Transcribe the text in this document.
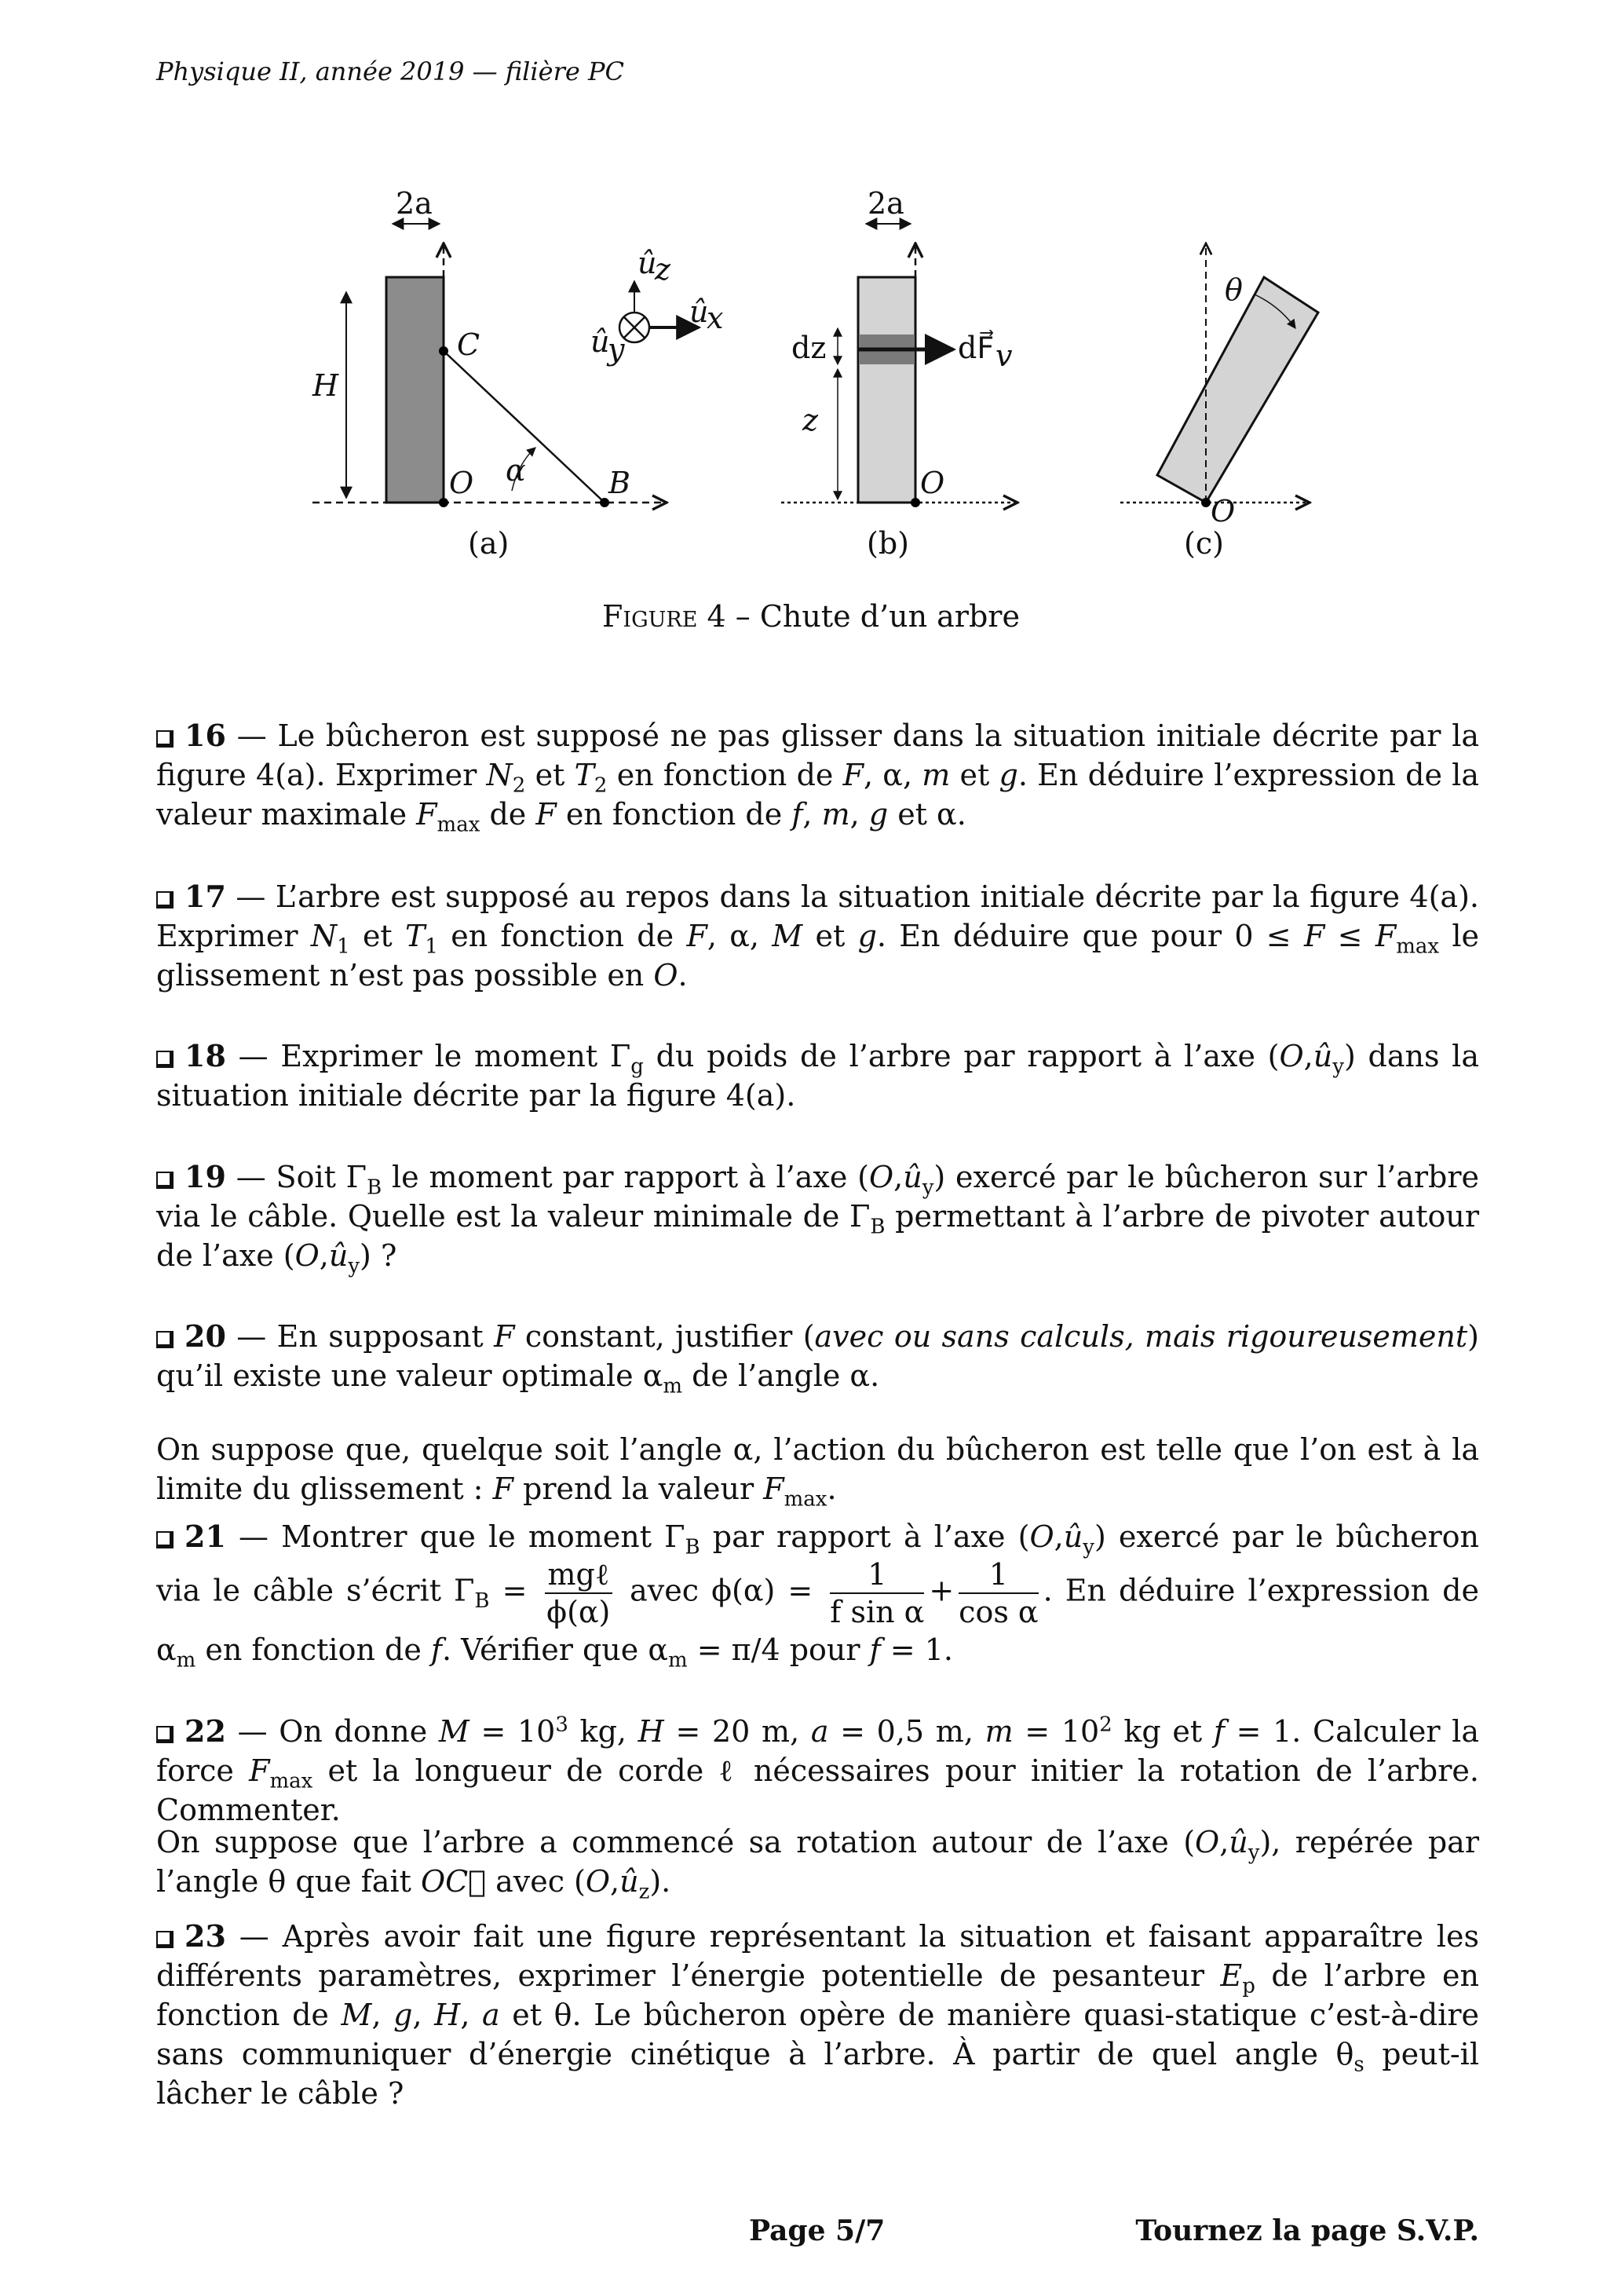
Physique II, année 2019 — filière PC
2a
H
C
O α	B
û
z
û
x
û
y
(a)
2a
dz
z
dF⃗ v
O
(b)
θ
O
(c)
Figure 4 – Chute d’un arbre
16 — Le bûcheron est supposé ne pas glisser dans la situation initiale décrite par la figure 4(a). Exprimer $N_2$ et $T_2$ en fonction de F, α, m et g. En déduire l’expression de la valeur maximale $F_{max}$ de F en fonction de f, m, g et α.
17 — L’arbre est supposé au repos dans la situation initiale décrite par la figure 4(a). Exprimer $N_1$ et $T_1$ en fonction de F, α, M et g. En déduire que pour $0 \le F \le F_{max}$ le glissement n’est pas possible en O.
18 — Exprimer le moment $\Gamma_g$ du poids de l’arbre par rapport à l’axe $(O,û_y)$ dans la situation initiale décrite par la figure 4(a).
19 — Soit $\Gamma_B$ le moment par rapport à l’axe $(O,û_y)$ exercé par le bûcheron sur l’arbre via le câble. Quelle est la valeur minimale de $\Gamma_B$ permettant à l’arbre de pivoter autour de l’axe $(O,û_y)$ ?
20 — En supposant F constant, justifier (avec ou sans calculs, mais rigoureusement) qu’il existe une valeur optimale $\alpha_m$ de l’angle α.
On suppose que, quelque soit l’angle α, l’action du bûcheron est telle que l’on est à la limite du glissement : F prend la valeur $F_{max}$.
21 — Montrer que le moment $\Gamma_B$ par rapport à l’axe $(O,û_y)$ exercé par le bûcheron via le câble s’écrit $\Gamma_B = \frac{\text{mgℓ}}{\phi(\alpha)}$ avec $\phi(\alpha) = \frac{1}{\text{f sin α}} + \frac{1}{\text{cos α}}$ . En déduire l’expression de $\alpha_m$ en fonction de f. Vérifier que $\alpha_m = \pi/4$ pour f = 1.
22 — On donne $M = 10^3$ kg, H = 20 m, a = 0,5 m, $m = 10^2$ kg et f = 1. Calculer la force $F_{max}$ et la longueur de corde ℓ nécessaires pour initier la rotation de l’arbre. Commenter.
On suppose que l’arbre a commencé sa rotation autour de l’axe $(O,û_y)$, repérée par l’angle θ que fait OC⃗ avec $(O,û_z)$.
23 — Après avoir fait une figure représentant la situation et faisant apparaître les différents paramètres, exprimer l’énergie potentielle de pesanteur $E_p$ de l’arbre en fonction de M, g, H, a et θ. Le bûcheron opère de manière quasi-statique c’est-à-dire sans communiquer d’énergie cinétique à l’arbre. À partir de quel angle $\theta_s$ peut-il lâcher le câble ?
Page 5/7	Tournez la page S.V.P.
